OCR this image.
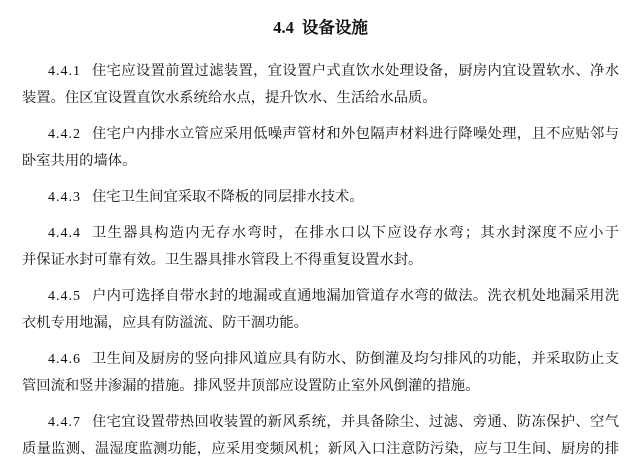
4.4 设备设施
4.4.1 住宅应设置前置过滤装置，宜设置户式直饮水处理设备，厨房内宜设置软水、净水
装置。住区宜设置直饮水系统给水点，提升饮水、生活给水品质。
4.4.2 住宅户内排水立管应采用低噪声管材和外包隔声材料进行降噪处理，且不应贴邻与
卧室共用的墙体。
4.4.3 住宅卫生间宜采取不降板的同层排水技术。
4.4.4 卫生器具构造内无存水弯时，在排水口以下应设存水弯；其水封深度不应小于
并保证水封可靠有效。卫生器具排水管段上不得重复设置水封。
4.4.5 户内可选择自带水封的地漏或直通地漏加管道存水弯的做法。洗衣机处地漏采用洗
衣机专用地漏，应具有防溢流、防干涸功能。
4.4.6 卫生间及厨房的竖向排风道应具有防水、防倒灌及均匀排风的功能，并采取防止支
管回流和竖井渗漏的措施。排风竖井顶部应设置防止室外风倒灌的措施。
4.4.7 住宅宜设置带热回收装置的新风系统，并具备除尘、过滤、旁通、防冻保护、空气
质量监测、温湿度监测功能，应采用变频风机；新风入口注意防污染，应与卫生间、厨房的排
